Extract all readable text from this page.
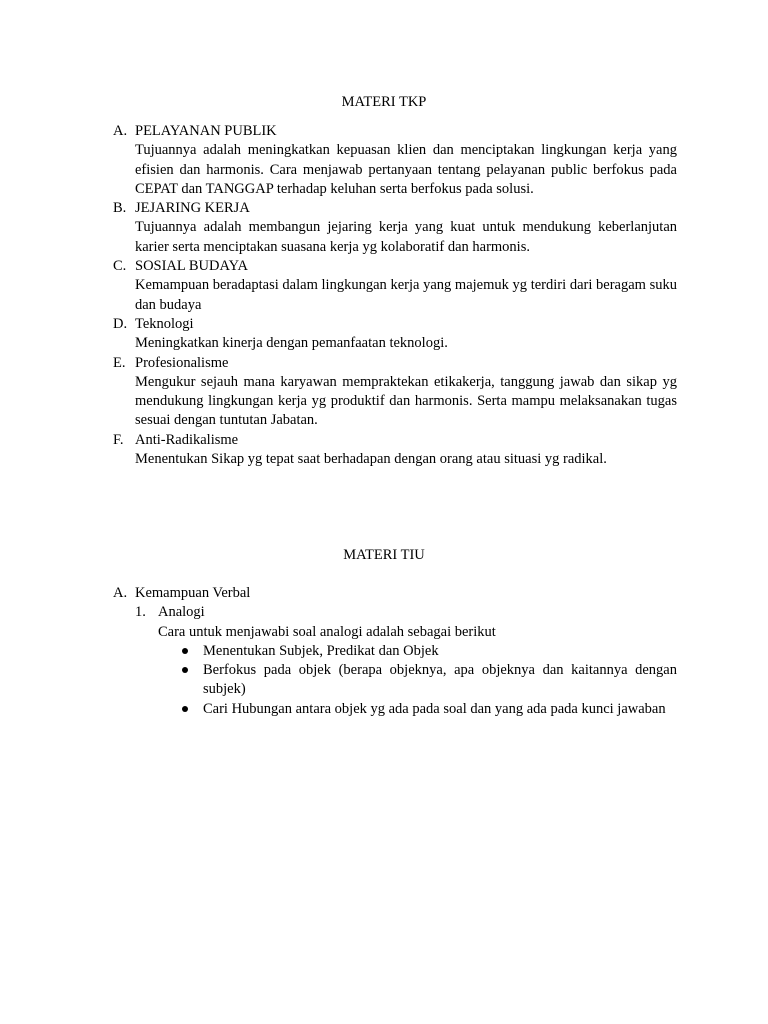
MATERI TKP
A. PELAYANAN PUBLIK
Tujuannya adalah meningkatkan kepuasan klien dan menciptakan lingkungan kerja yang efisien dan harmonis. Cara menjawab pertanyaan tentang pelayanan public berfokus pada CEPAT dan TANGGAP terhadap keluhan serta berfokus pada solusi.
B. JEJARING KERJA
Tujuannya adalah membangun jejaring kerja yang kuat untuk mendukung keberlanjutan karier serta menciptakan suasana kerja yg kolaboratif dan harmonis.
C. SOSIAL BUDAYA
Kemampuan beradaptasi dalam lingkungan kerja yang majemuk yg terdiri dari beragam suku dan budaya
D. Teknologi
Meningkatkan kinerja dengan pemanfaatan teknologi.
E. Profesionalisme
Mengukur sejauh mana karyawan mempraktekan etikakerja, tanggung jawab dan sikap yg mendukung lingkungan kerja yg produktif dan harmonis. Serta mampu melaksanakan tugas sesuai dengan tuntutan Jabatan.
F. Anti-Radikalisme
Menentukan Sikap yg tepat saat berhadapan dengan orang atau situasi yg radikal.
MATERI TIU
A. Kemampuan Verbal
1. Analogi
Cara untuk menjawabi soal analogi adalah sebagai berikut
Menentukan Subjek, Predikat dan Objek
Berfokus pada objek (berapa objeknya, apa objeknya dan kaitannya dengan subjek)
Cari Hubungan antara objek yg ada pada soal dan yang ada pada kunci jawaban
